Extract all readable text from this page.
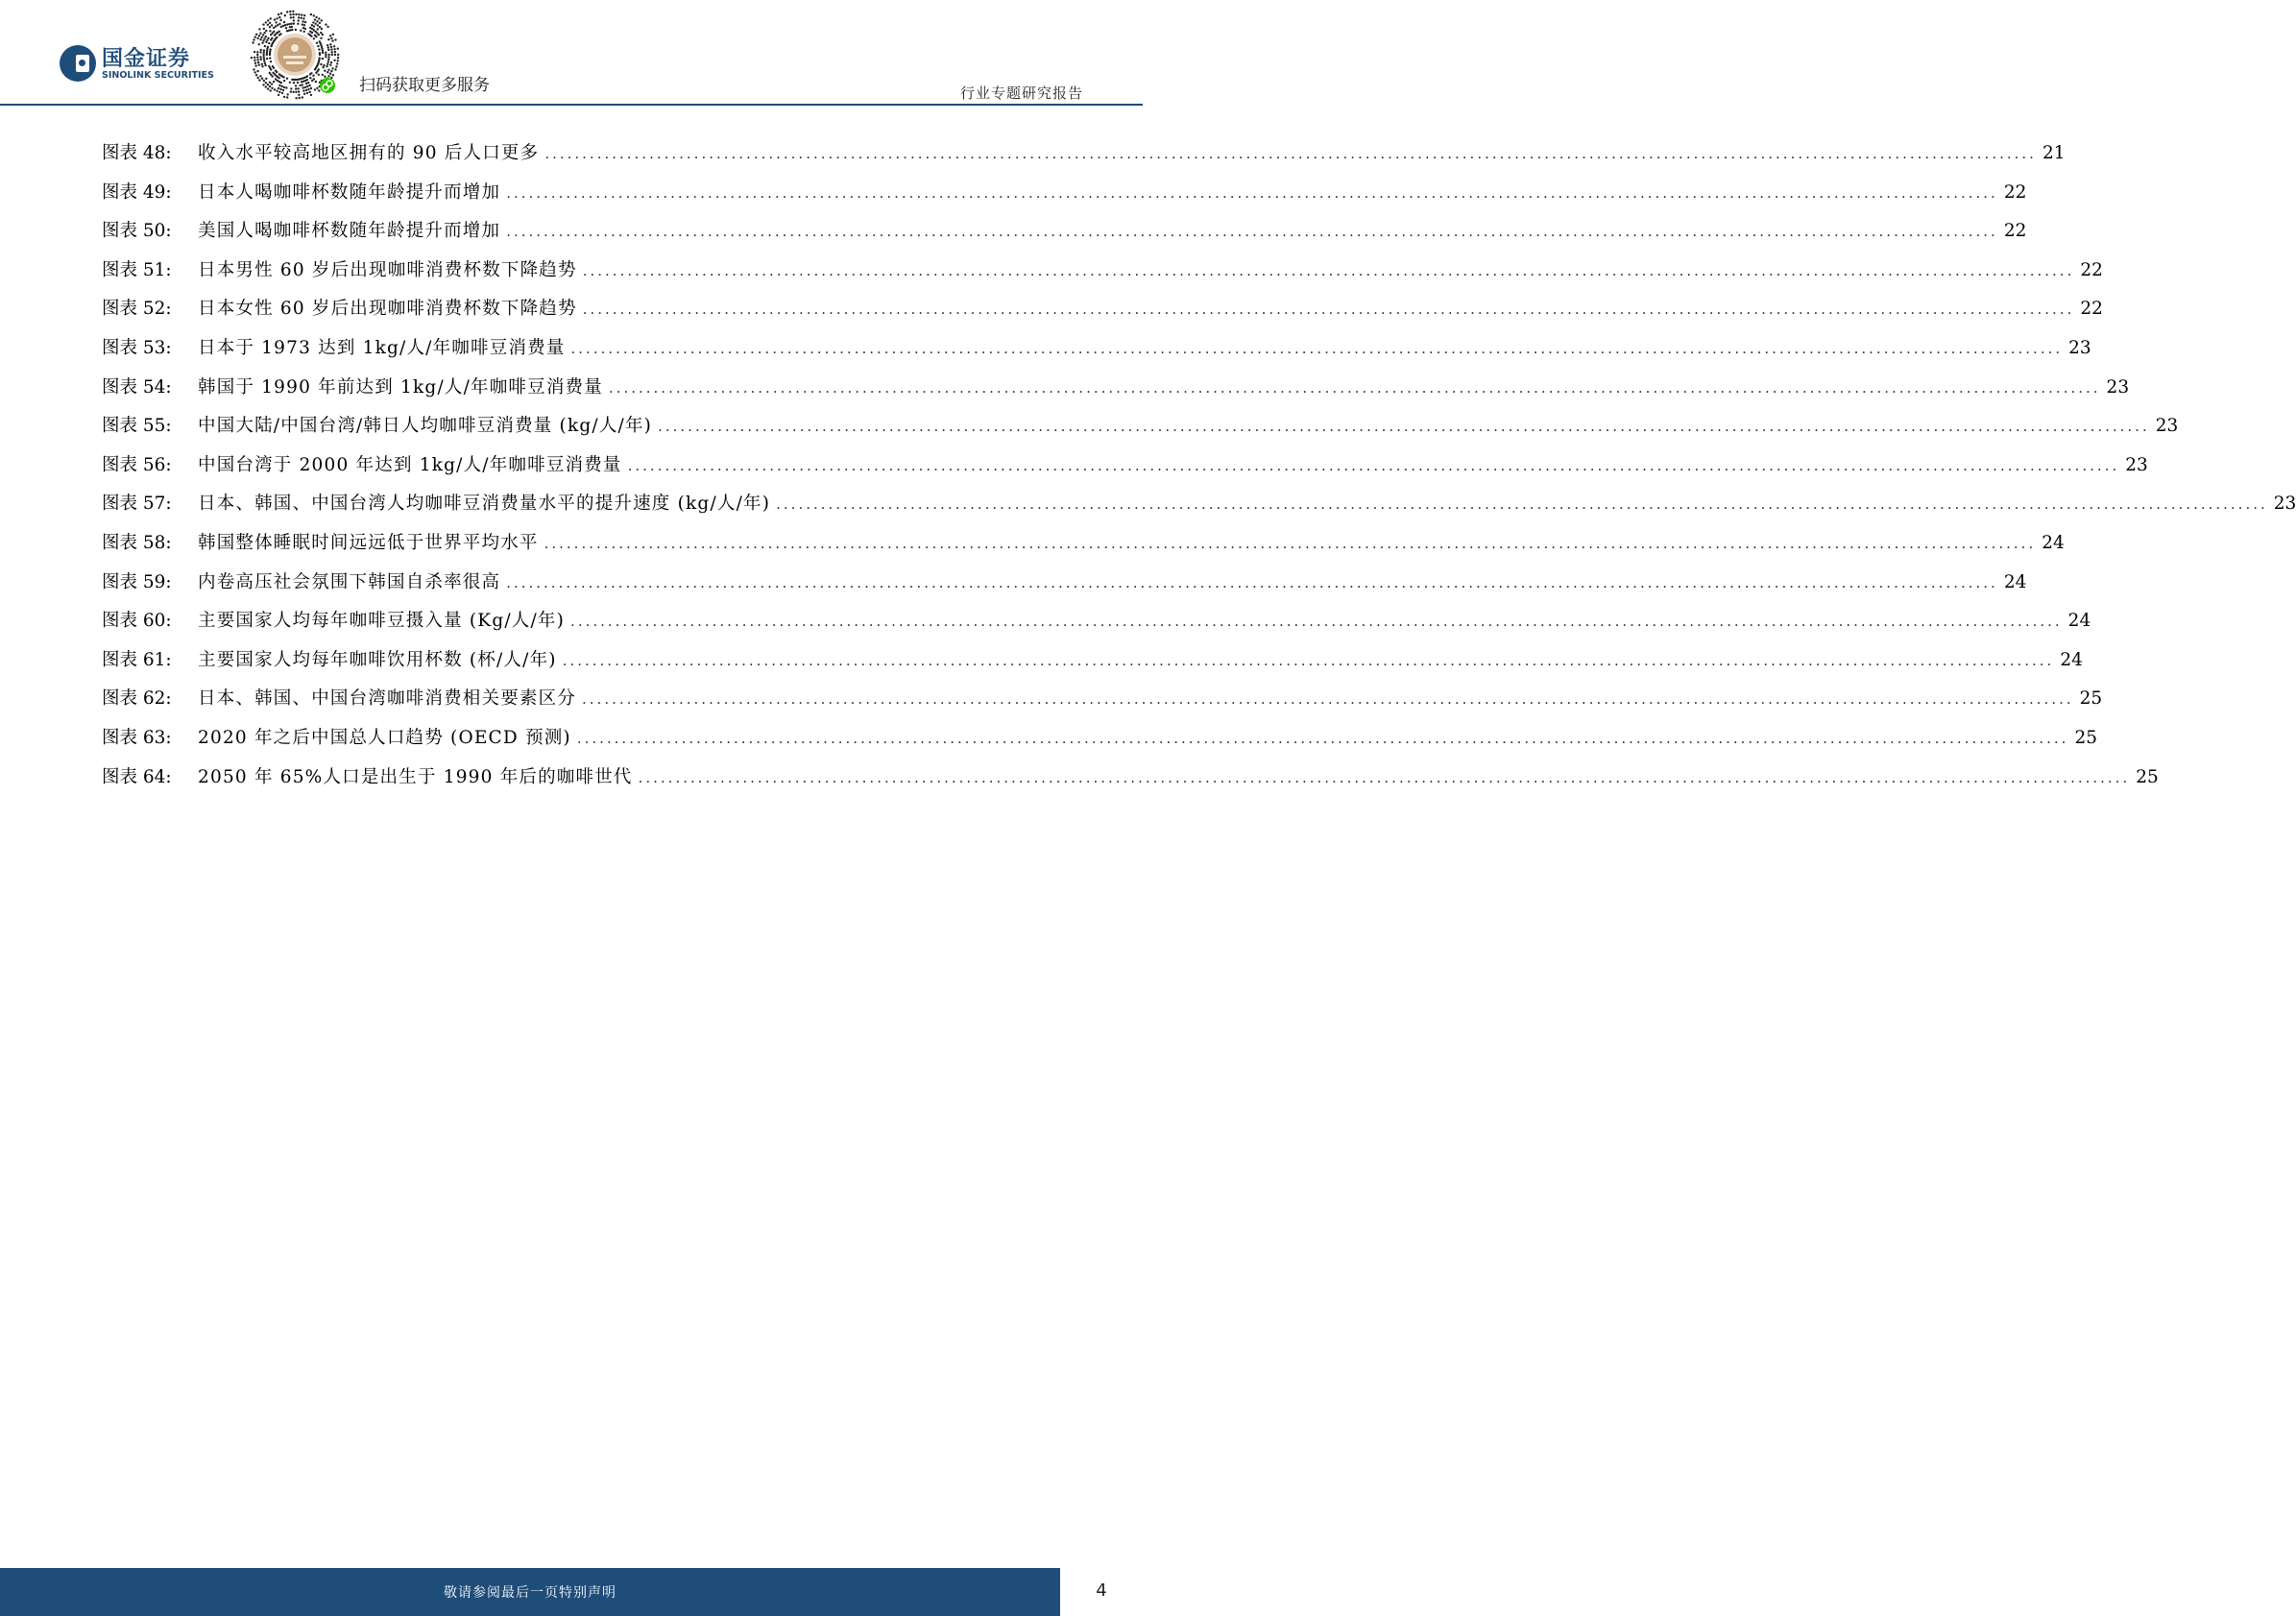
国金证券
SINOLINK SECURITIES
扫码获取更多服务	行业专题研究报告
图表 48:	收入水平较高地区拥有的 90 后人口更多 ........................................................................................................................................................................................................ 21
图表 49:	日本人喝咖啡杯数随年龄提升而增加 ........................................................................................................................................................................................................ 22
图表 50:	美国人喝咖啡杯数随年龄提升而增加 ........................................................................................................................................................................................................ 22
图表 51:	日本男性 60 岁后出现咖啡消费杯数下降趋势 ........................................................................................................................................................................................................ 22
图表 52:	日本女性 60 岁后出现咖啡消费杯数下降趋势 ........................................................................................................................................................................................................ 22
图表 53:	日本于 1973 达到 1kg/人/年咖啡豆消费量 ........................................................................................................................................................................................................ 23
图表 54:	韩国于 1990 年前达到 1kg/人/年咖啡豆消费量 ........................................................................................................................................................................................................ 23
图表 55:	中国大陆/中国台湾/韩日人均咖啡豆消费量 (kg/人/年) ........................................................................................................................................................................................................ 23
图表 56:	中国台湾于 2000 年达到 1kg/人/年咖啡豆消费量 ........................................................................................................................................................................................................ 23
图表 57:	日本、韩国、中国台湾人均咖啡豆消费量水平的提升速度 (kg/人/年) ........................................................................................................................................................................................................ 23
图表 58:	韩国整体睡眠时间远远低于世界平均水平 ........................................................................................................................................................................................................ 24
图表 59:	内卷高压社会氛围下韩国自杀率很高 ........................................................................................................................................................................................................ 24
图表 60:	主要国家人均每年咖啡豆摄入量 (Kg/人/年) ........................................................................................................................................................................................................ 24
图表 61:	主要国家人均每年咖啡饮用杯数 (杯/人/年) ........................................................................................................................................................................................................ 24
图表 62:	日本、韩国、中国台湾咖啡消费相关要素区分 ........................................................................................................................................................................................................ 25
图表 63:	2020 年之后中国总人口趋势 (OECD 预测) ........................................................................................................................................................................................................ 25
图表 64:	2050 年 65%人口是出生于 1990 年后的咖啡世代 ........................................................................................................................................................................................................ 25
敬请参阅最后一页特别声明	4
